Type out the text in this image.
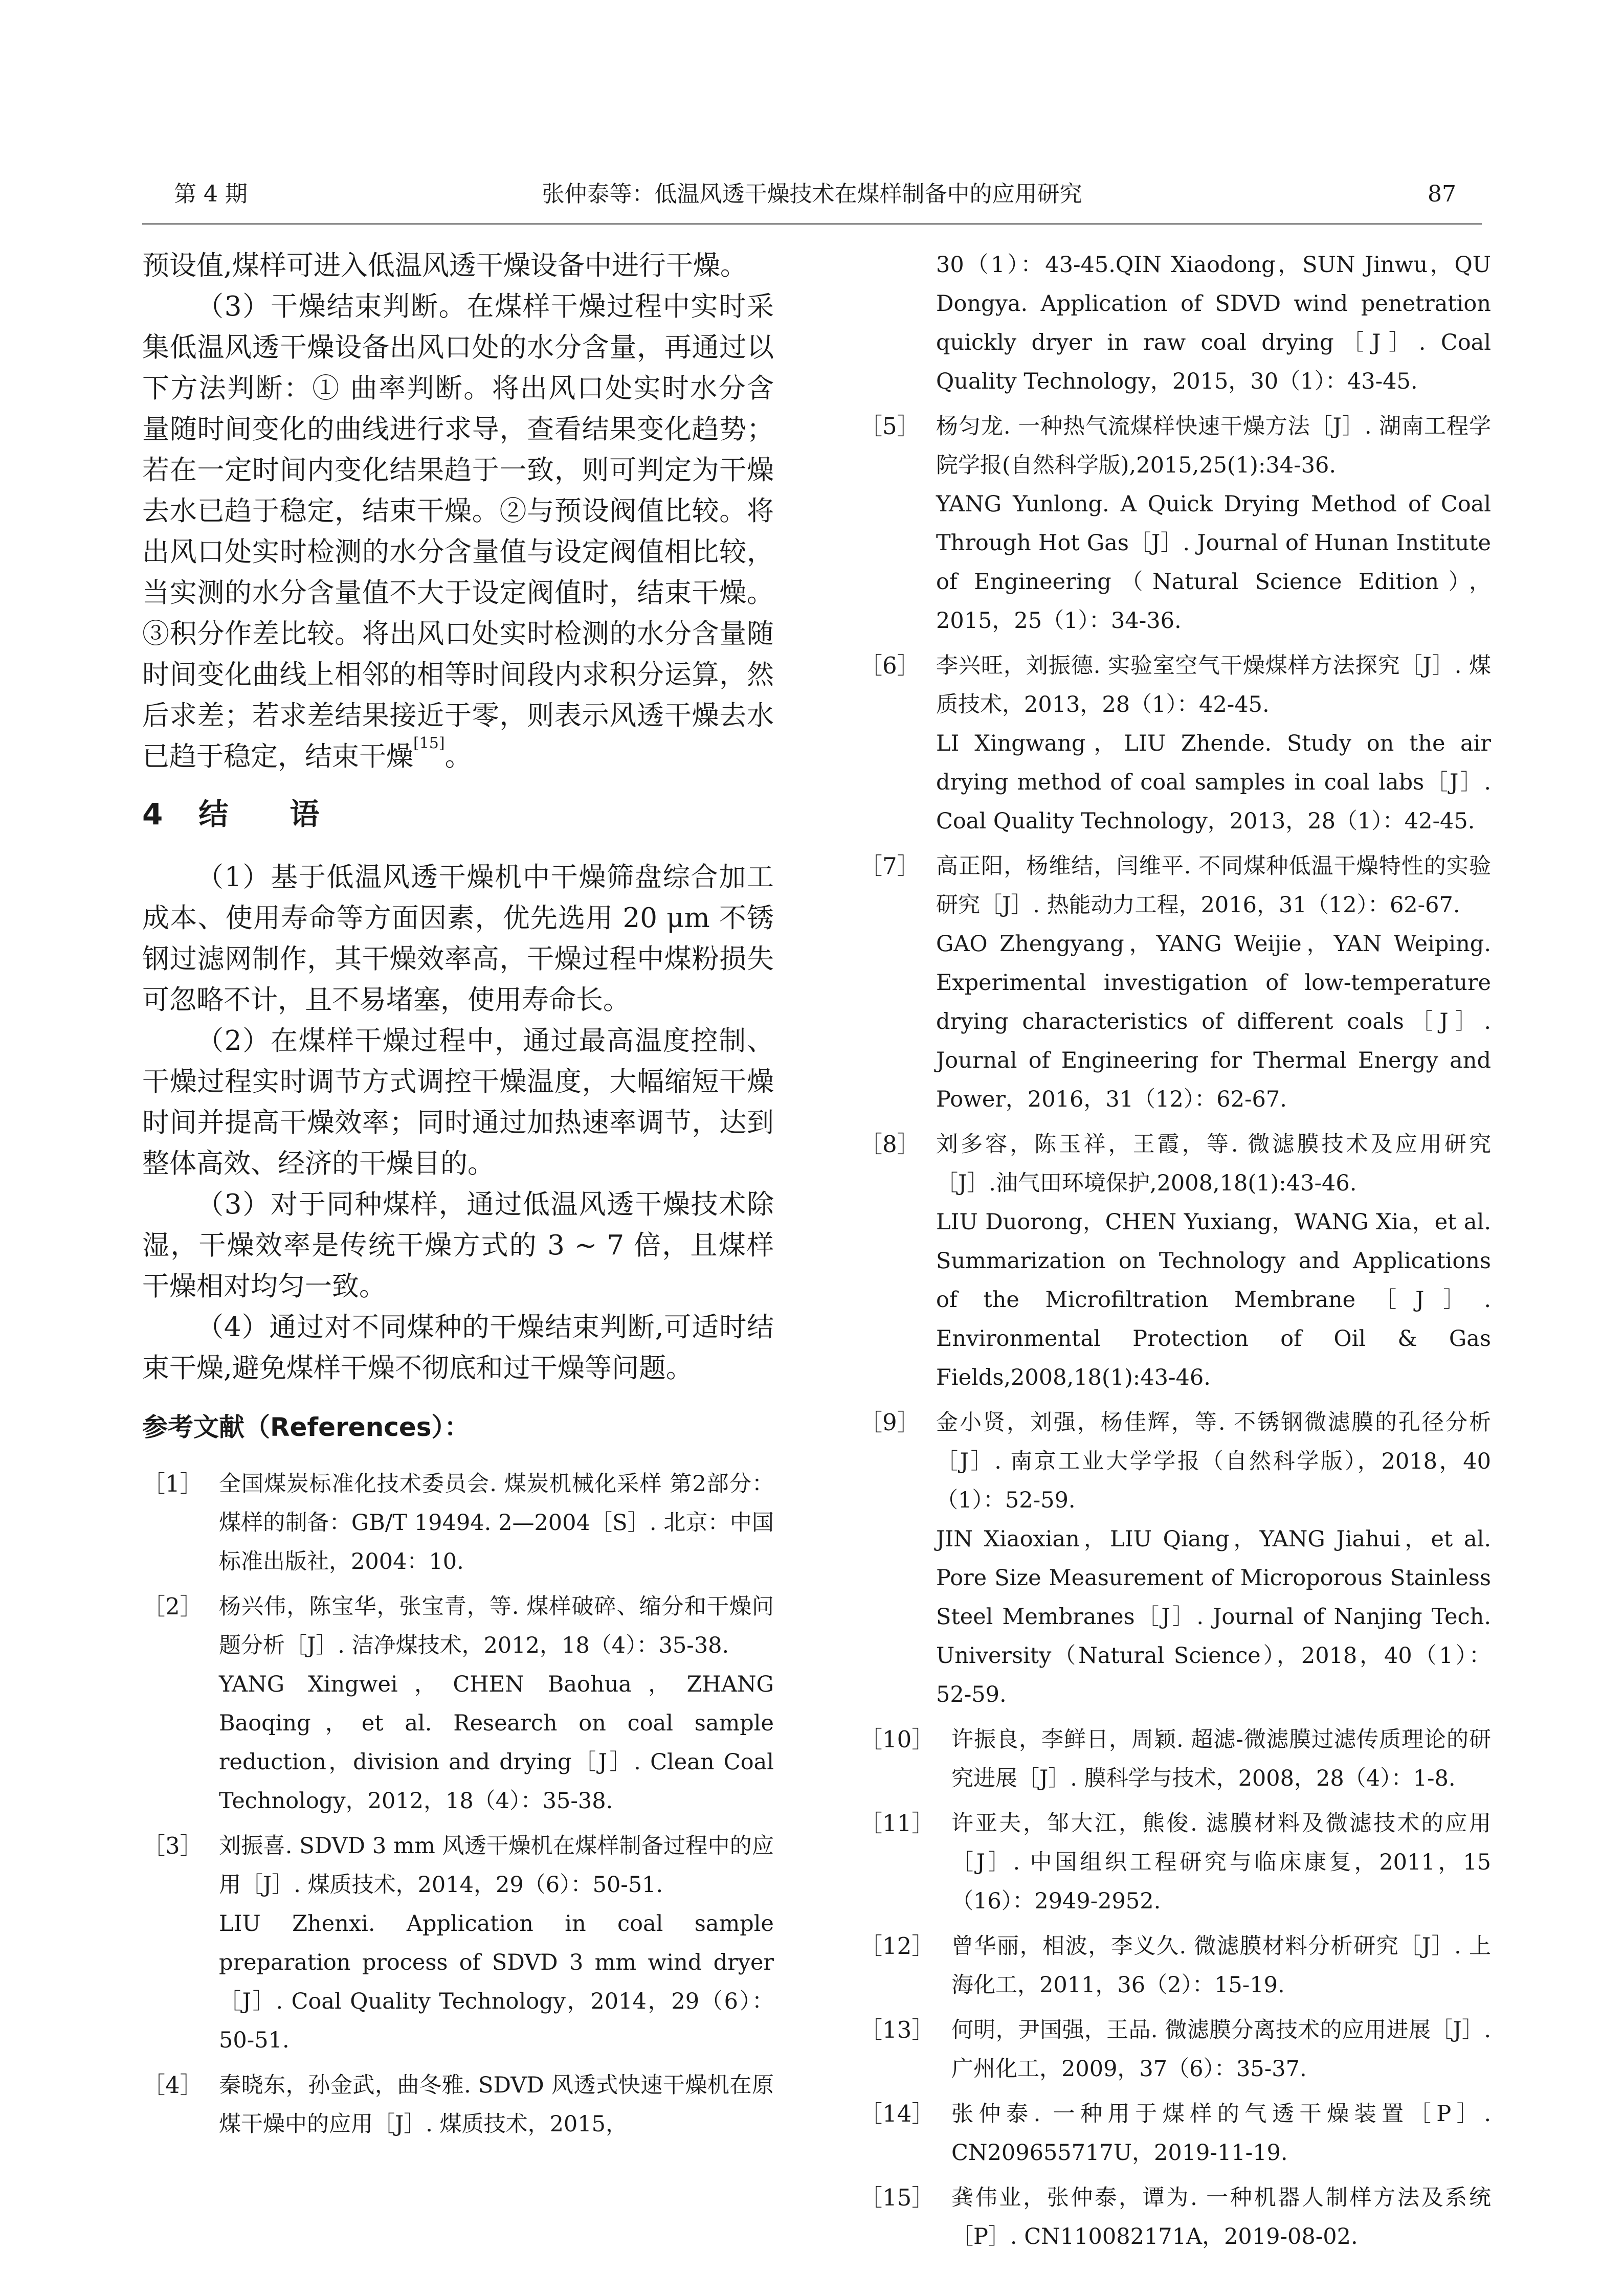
第 4 期	张仲泰等：低温风透干燥技术在煤样制备中的应用研究	87

预设值,煤样可进入低温风透干燥设备中进行干燥。

（3）干燥结束判断。在煤样干燥过程中实时采集低温风透干燥设备出风口处的水分含量，再通过以下方法判断：① 曲率判断。将出风口处实时水分含量随时间变化的曲线进行求导，查看结果变化趋势；若在一定时间内变化结果趋于一致，则可判定为干燥去水已趋于稳定，结束干燥。②与预设阀值比较。将出风口处实时检测的水分含量值与设定阀值相比较，当实测的水分含量值不大于设定阀值时，结束干燥。③积分作差比较。将出风口处实时检测的水分含量随时间变化曲线上相邻的相等时间段内求积分运算，然后求差；若求差结果接近于零，则表示风透干燥去水已趋于稳定，结束干燥[15]。

4 结 语

（1）基于低温风透干燥机中干燥筛盘综合加工成本、使用寿命等方面因素，优先选用 20 μm 不锈钢过滤网制作，其干燥效率高，干燥过程中煤粉损失可忽略不计，且不易堵塞，使用寿命长。

（2）在煤样干燥过程中，通过最高温度控制、干燥过程实时调节方式调控干燥温度，大幅缩短干燥时间并提高干燥效率；同时通过加热速率调节，达到整体高效、经济的干燥目的。

（3）对于同种煤样，通过低温风透干燥技术除湿，干燥效率是传统干燥方式的 3 ~ 7 倍，且煤样干燥相对均匀一致。

（4）通过对不同煤种的干燥结束判断,可适时结束干燥,避免煤样干燥不彻底和过干燥等问题。

参考文献（References）：
［1］ 全国煤炭标准化技术委员会. 煤炭机械化采样 第2部分：煤样的制备：GB/T 19494. 2—2004［S］. 北京：中国标准出版社，2004：10.
［2］ 杨兴伟，陈宝华，张宝青，等. 煤样破碎、缩分和干燥问题分析［J］. 洁净煤技术，2012，18（4）：35-38.
YANG Xingwei，CHEN Baohua，ZHANG Baoqing，et al. Research on coal sample reduction，division and drying［J］. Clean Coal Technology，2012，18（4）：35-38.
［3］ 刘振喜. SDVD 3 mm 风透干燥机在煤样制备过程中的应用［J］. 煤质技术，2014，29（6）：50-51.
LIU Zhenxi. Application in coal sample preparation process of SDVD 3 mm wind dryer［J］. Coal Quality Technology，2014，29（6）：50-51.
［4］ 秦晓东，孙金武，曲冬雅. SDVD 风透式快速干燥机在原煤干燥中的应用［J］. 煤质技术，2015，
30（1）：43-45.QIN Xiaodong，SUN Jinwu，QU Dongya. Application of SDVD wind penetration quickly dryer in raw coal drying［J］. Coal Quality Technology，2015，30（1）：43-45.
［5］ 杨匀龙. 一种热气流煤样快速干燥方法［J］. 湖南工程学院学报(自然科学版),2015,25(1):34-36.
YANG Yunlong. A Quick Drying Method of Coal Through Hot Gas［J］. Journal of Hunan Institute of Engineering（Natural Science Edition），2015，25（1）：34-36.
［6］ 李兴旺，刘振德. 实验室空气干燥煤样方法探究［J］. 煤质技术，2013，28（1）：42-45.
LI Xingwang，LIU Zhende. Study on the air drying method of coal samples in coal labs［J］. Coal Quality Technology，2013，28（1）：42-45.
［7］ 高正阳，杨维结，闫维平. 不同煤种低温干燥特性的实验研究［J］. 热能动力工程，2016，31（12）：62-67.
GAO Zhengyang，YANG Weijie，YAN Weiping. Experimental investigation of low-temperature drying characteristics of different coals［J］. Journal of Engineering for Thermal Energy and Power，2016，31（12）：62-67.
［8］ 刘多容，陈玉祥，王霞，等. 微滤膜技术及应用研究［J］.油气田环境保护,2008,18(1):43-46.
LIU Duorong，CHEN Yuxiang，WANG Xia，et al. Summarization on Technology and Applications of the Microfiltration Membrane［J］. Environmental Protection of Oil & Gas Fields,2008,18(1):43-46.
［9］ 金小贤，刘强，杨佳辉，等. 不锈钢微滤膜的孔径分析［J］. 南京工业大学学报（自然科学版），2018，40（1）：52-59.
JIN Xiaoxian，LIU Qiang，YANG Jiahui，et al. Pore Size Measurement of Microporous Stainless Steel Membranes［J］. Journal of Nanjing Tech. University（Natural Science），2018，40（1）：52-59.
［10］ 许振良，李鲜日，周颖. 超滤-微滤膜过滤传质理论的研究进展［J］. 膜科学与技术，2008，28（4）：1-8.
［11］ 许亚夫，邹大江，熊俊. 滤膜材料及微滤技术的应用［J］. 中国组织工程研究与临床康复，2011，15（16）：2949-2952.
［12］ 曾华丽，相波，李义久. 微滤膜材料分析研究［J］. 上海化工，2011，36（2）：15-19.
［13］ 何明，尹国强，王品. 微滤膜分离技术的应用进展［J］. 广州化工，2009，37（6）：35-37.
［14］ 张仲泰. 一种用于煤样的气透干燥装置［P］. CN209655717U，2019-11-19.
［15］ 龚伟业，张仲泰，谭为. 一种机器人制样方法及系统［P］. CN110082171A，2019-08-02.
